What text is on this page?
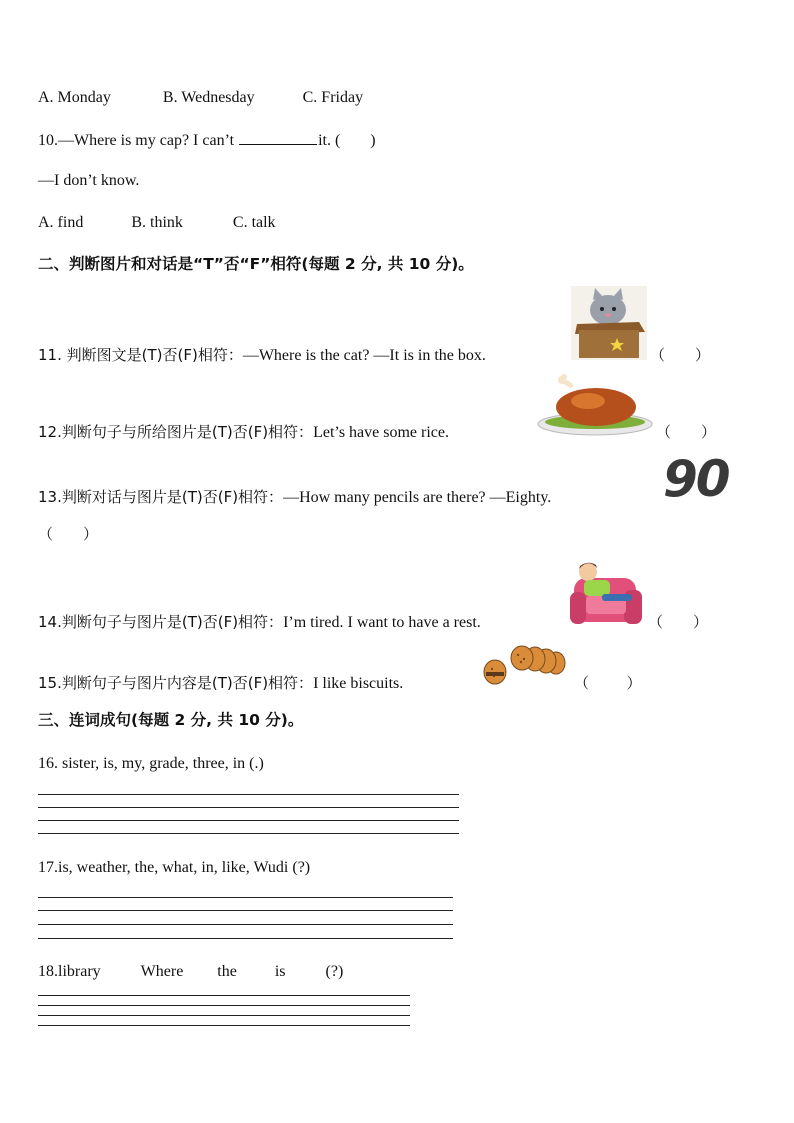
A. Monday	B. Wednesday	C. Friday
10.—Where is my cap? I can’t	it. ( )
—I don’t know.
A. find	B. think	C. talk
二、判断图片和对话是“T”否“F”相符(每题 2 分, 共 10 分)。
11. 判断图文是(T)否(F)相符：—Where is the cat? —It is in the box.	（        ）
12.判断句子与所给图片是(T)否(F)相符：Let’s have some rice.	（        ）
13.判断对话与图片是(T)否(F)相符：—How many pencils are there? —Eighty. 90
（        ）
14.判断句子与图片是(T)否(F)相符：I’m tired. I want to have a rest.	（        ）
15.判断句子与图片内容是(T)否(F)相符：I like biscuits.	（          ）
三、连词成句(每题 2 分, 共 10 分)。
16. sister, is, my, grade, three, in (.)
17.is, weather, the, what, in, like, Wudi (?)
18.library	Where the is	(?)
